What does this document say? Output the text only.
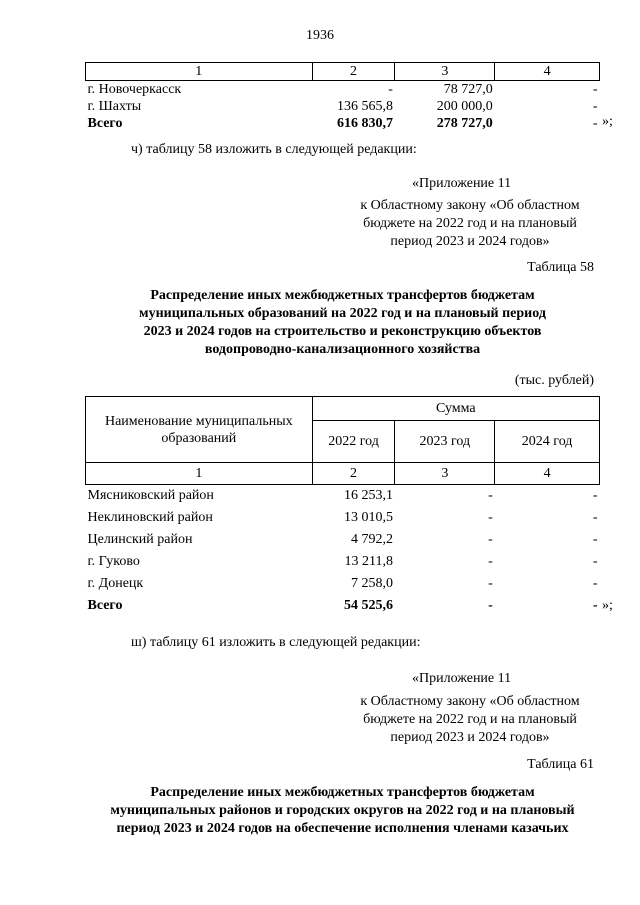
1936
1	2	3	4
г. Новочеркасск	-	78 727,0	-
г. Шахты	136 565,8	200 000,0	-
Всего	616 830,7	278 727,0	- »;
ч) таблицу 58 изложить в следующей редакции:
«Приложение 11
к Областному закону «Об областном
бюджете на 2022 год и на плановый
период 2023 и 2024 годов»
Таблица 58
Распределение иных межбюджетных трансфертов бюджетам
муниципальных образований на 2022 год и на плановый период
2023 и 2024 годов на строительство и реконструкцию объектов
водопроводно-канализационного хозяйства
(тыс. рублей)
Наименование муниципальных образований	Сумма		
	2022 год	2023 год	2024 год
1	2	3	4
Мясниковский район	16 253,1	-	-
Неклиновский район	13 010,5	-	-
Целинский район	4 792,2	-	-
г. Гуково	13 211,8	-	-
г. Донецк	7 258,0	-	-
Всего	54 525,6	-	- »;
ш) таблицу 61 изложить в следующей редакции:
«Приложение 11
к Областному закону «Об областном
бюджете на 2022 год и на плановый
период 2023 и 2024 годов»
Таблица 61
Распределение иных межбюджетных трансфертов бюджетам
муниципальных районов и городских округов на 2022 год и на плановый
период 2023 и 2024 годов на обеспечение исполнения членами казачьих
